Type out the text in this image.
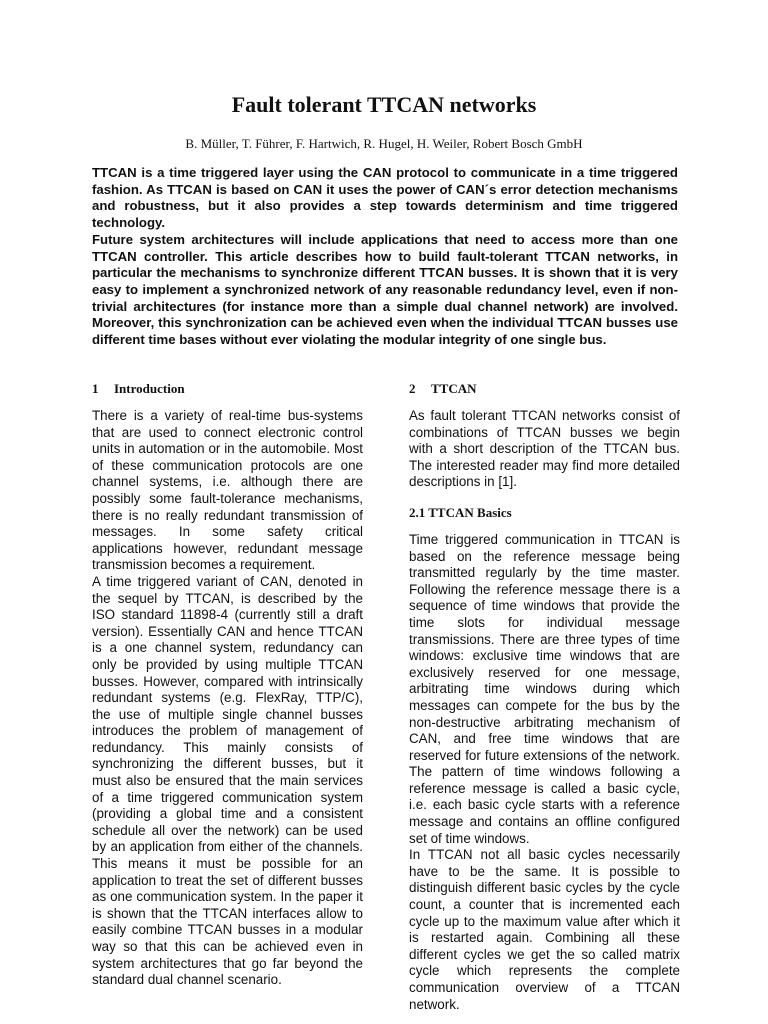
Fault tolerant TTCAN networks
B. Müller, T. Führer, F. Hartwich, R. Hugel, H. Weiler, Robert Bosch GmbH

TTCAN is a time triggered layer using the CAN protocol to communicate in a time triggered fashion. As TTCAN is based on CAN it uses the power of CAN´s error detection mechanisms and robustness, but it also provides a step towards determinism and time triggered technology.

Future system architectures will include applications that need to access more than one TTCAN controller. This article describes how to build fault-tolerant TTCAN networks, in particular the mechanisms to synchronize different TTCAN busses. It is shown that it is very easy to implement a synchronized network of any reasonable redundancy level, even if non-trivial architectures (for instance more than a simple dual channel network) are involved. Moreover, this synchronization can be achieved even when the individual TTCAN busses use different time bases without ever violating the modular integrity of one single bus.

1 Introduction

There is a variety of real-time bus-systems that are used to connect electronic control units in automation or in the automobile. Most of these communication protocols are one channel systems, i.e. although there are possibly some fault-tolerance mechanisms, there is no really redundant transmission of messages. In some safety critical applications however, redundant message transmission becomes a requirement.

A time triggered variant of CAN, denoted in the sequel by TTCAN, is described by the ISO standard 11898-4 (currently still a draft version). Essentially CAN and hence TTCAN is a one channel system, redundancy can only be provided by using multiple TTCAN busses. However, compared with intrinsically redundant systems (e.g. FlexRay, TTP/C), the use of multiple single channel busses introduces the problem of management of redundancy. This mainly consists of synchronizing the different busses, but it must also be ensured that the main services of a time triggered communication system (providing a global time and a consistent schedule all over the network) can be used by an application from either of the channels. This means it must be possible for an application to treat the set of different busses as one communication system. In the paper it is shown that the TTCAN interfaces allow to easily combine TTCAN busses in a modular way so that this can be achieved even in system architectures that go far beyond the standard dual channel scenario.

2 TTCAN

As fault tolerant TTCAN networks consist of combinations of TTCAN busses we begin with a short description of the TTCAN bus. The interested reader may find more detailed descriptions in [1].

2.1 TTCAN Basics

Time triggered communication in TTCAN is based on the reference message being transmitted regularly by the time master. Following the reference message there is a sequence of time windows that provide the time slots for individual message transmissions. There are three types of time windows: exclusive time windows that are exclusively reserved for one message, arbitrating time windows during which messages can compete for the bus by the non-destructive arbitrating mechanism of CAN, and free time windows that are reserved for future extensions of the network. The pattern of time windows following a reference message is called a basic cycle, i.e. each basic cycle starts with a reference message and contains an offline configured set of time windows.

In TTCAN not all basic cycles necessarily have to be the same. It is possible to distinguish different basic cycles by the cycle count, a counter that is incremented each cycle up to the maximum value after which it is restarted again. Combining all these different cycles we get the so called matrix cycle which represents the complete communication overview of a TTCAN network.
